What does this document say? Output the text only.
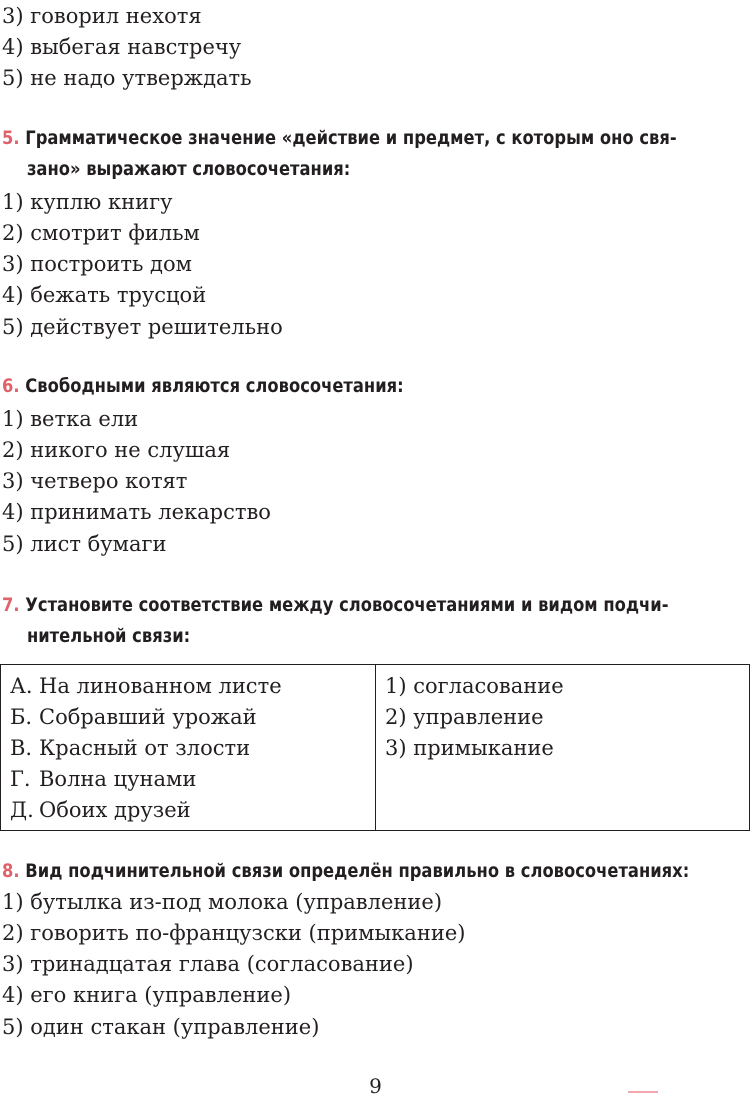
3) говорил нехотя
4) выбегая навстречу
5) не надо утверждать
5. Грамматическое значение «действие и предмет, с которым оно свя-
зано» выражают словосочетания:
1) куплю книгу
2) смотрит фильм
3) построить дом
4) бежать трусцой
5) действует решительно
6. Свободными являются словосочетания:
1) ветка ели
2) никого не слушая
3) четверо котят
4) принимать лекарство
5) лист бумаги
7. Установите соответствие между словосочетаниями и видом подчи-
нительной связи:
А. На линованном листе
Б. Собравший урожай
В. Красный от злости
Г. Волна цунами
Д. Обоих друзей

1) согласование
2) управление
3) примыкание
8. Вид подчинительной связи определён правильно в словосочетаниях:
1) бутылка из-под молока (управление)
2) говорить по-французски (примыкание)
3) тринадцатая глава (согласование)
4) его книга (управление)
5) один стакан (управление)
9
